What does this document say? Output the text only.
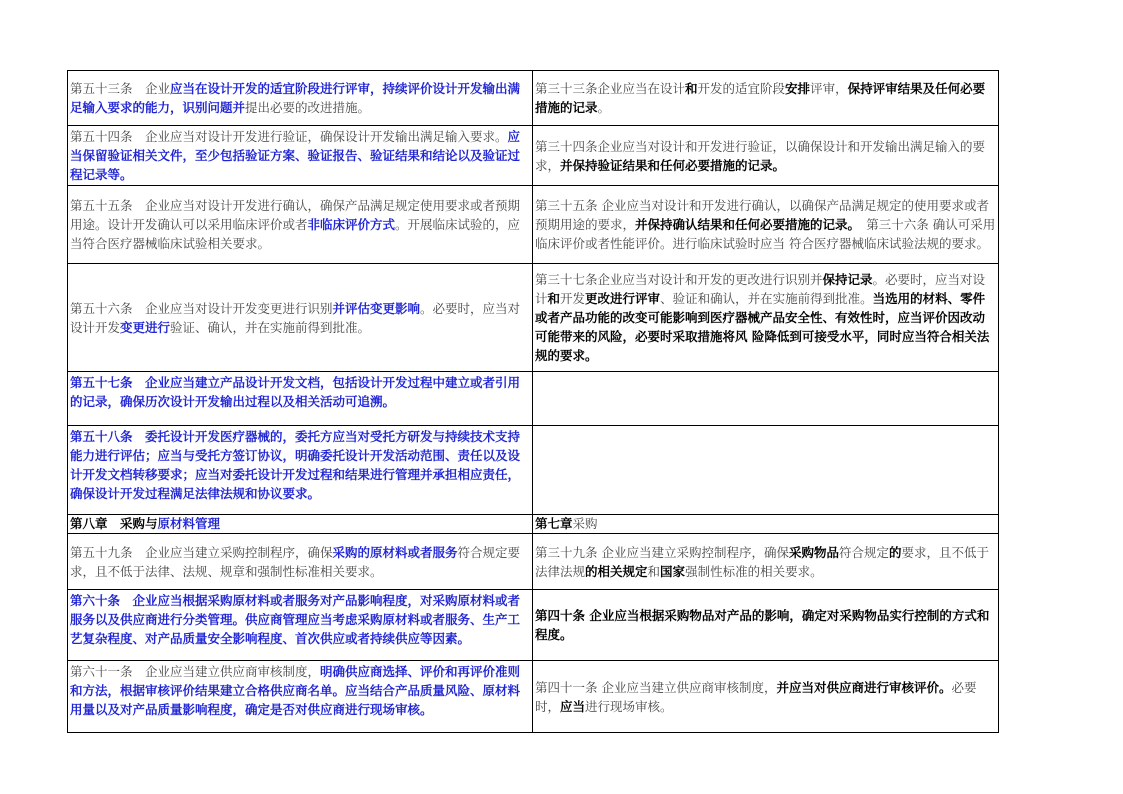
第五十三条　企业应当在设计开发的适宜阶段进行评审，持续评价设计开发输出满足输入要求的能力，识别问题并提出必要的改进措施。	第三十三条企业应当在设计和开发的适宜阶段安排评审，保持评审结果及任何必要措施的记录。

第五十四条　企业应当对设计开发进行验证，确保设计开发输出满足输入要求。应当保留验证相关文件，至少包括验证方案、验证报告、验证结果和结论以及验证过程记录等。	第三十四条企业应当对设计和开发进行验证，以确保设计和开发输出满足输入的要求，并保持验证结果和任何必要措施的记录。

第五十五条　企业应当对设计开发进行确认，确保产品满足规定使用要求或者预期用途。设计开发确认可以采用临床评价或者非临床评价方式。开展临床试验的，应当符合医疗器械临床试验相关要求。	第三十五条 企业应当对设计和开发进行确认，以确保产品满足规定的使用要求或者预期用途的要求，并保持确认结果和任何必要措施的记录。　第三十六条 确认可采用临床评价或者性能评价。进行临床试验时应当 符合医疗器械临床试验法规的要求。

第五十六条　企业应当对设计开发变更进行识别并评估变更影响。必要时，应当对设计开发变更进行验证、确认，并在实施前得到批准。	第三十七条企业应当对设计和开发的更改进行识别并保持记录。必要时，应当对设计和开发更改进行评审、验证和确认，并在实施前得到批准。当选用的材料、零件或者产品功能的改变可能影响到医疗器械产品安全性、有效性时，应当评价因改动可能带来的风险，必要时采取措施将风 险降低到可接受水平，同时应当符合相关法规的要求。

第五十七条　企业应当建立产品设计开发文档，包括设计开发过程中建立或者引用的记录，确保历次设计开发输出过程以及相关活动可追溯。	

第五十八条　委托设计开发医疗器械的，委托方应当对受托方研发与持续技术支持能力进行评估；应当与受托方签订协议，明确委托设计开发活动范围、责任以及设计开发文档转移要求；应当对委托设计开发过程和结果进行管理并承担相应责任，确保设计开发过程满足法律法规和协议要求。	

第八章　采购与原材料管理	第七章采购

第五十九条　企业应当建立采购控制程序，确保采购的原材料或者服务符合规定要求，且不低于法律、法规、规章和强制性标准相关要求。	第三十九条 企业应当建立采购控制程序，确保采购物品符合规定的要求，且不低于法律法规的相关规定和国家强制性标准的相关要求。

第六十条　企业应当根据采购原材料或者服务对产品影响程度，对采购原材料或者服务以及供应商进行分类管理。供应商管理应当考虑采购原材料或者服务、生产工艺复杂程度、对产品质量安全影响程度、首次供应或者持续供应等因素。	第四十条 企业应当根据采购物品对产品的影响，确定对采购物品实行控制的方式和程度。

第六十一条　企业应当建立供应商审核制度，明确供应商选择、评价和再评价准则和方法，根据审核评价结果建立合格供应商名单。应当结合产品质量风险、原材料用量以及对产品质量影响程度，确定是否对供应商进行现场审核。	第四十一条 企业应当建立供应商审核制度，并应当对供应商进行审核评价。必要时，应当进行现场审核。
